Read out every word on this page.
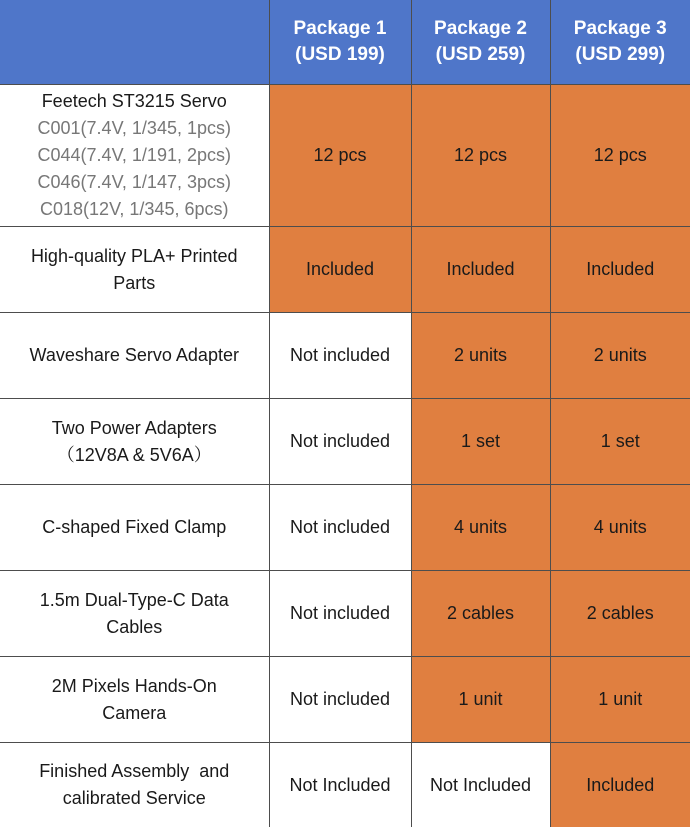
	Package 1
(USD 199)	Package 2
(USD 259)	Package 3
(USD 299)

Feetech ST3215 Servo
C001(7.4V, 1/345, 1pcs)
C044(7.4V, 1/191, 2pcs)
C046(7.4V, 1/147, 3pcs)
C018(12V, 1/345, 6pcs)	12 pcs	12 pcs	12 pcs

High-quality PLA+ Printed
Parts	Included	Included	Included

Waveshare Servo Adapter	Not included	2 units	2 units

Two Power Adapters
（12V8A & 5V6A）	Not included	1 set	1 set

C-shaped Fixed Clamp	Not included	4 units	4 units

1.5m Dual-Type-C Data
Cables	Not included	2 cables	2 cables

2M Pixels Hands-On
Camera	Not included	1 unit	1 unit

Finished Assembly  and
calibrated Service	Not Included	Not Included	Included
